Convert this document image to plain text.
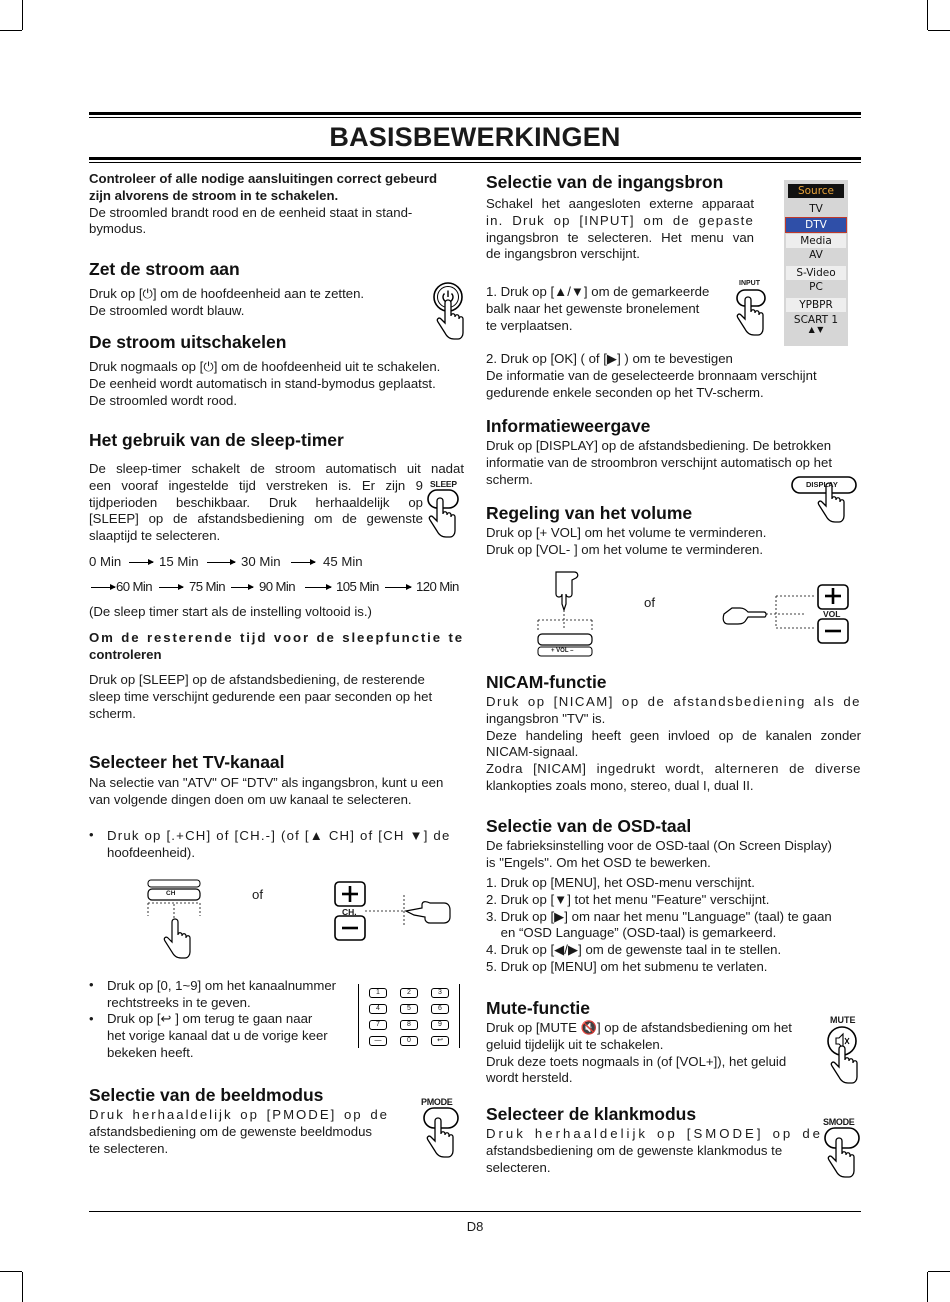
BASISBEWERKINGEN
Controleer of alle nodige aansluitingen correct gebeurd
zijn alvorens de stroom in te schakelen.
De stroomled brandt rood en de eenheid staat in stand-
bymodus.
Zet de stroom aan
Druk op [⏻] om de hoofdeenheid aan te zetten.
De stroomled wordt blauw.
De stroom uitschakelen
Druk nogmaals op [⏻] om de hoofdeenheid uit te schakelen.
De eenheid wordt automatisch in stand-bymodus geplaatst.
De stroomled wordt rood.
Het gebruik van de sleep-timer
De sleep-timer schakelt de stroom automatisch uit nadat
een vooraf ingestelde tijd verstreken is. Er zijn 9
tijdperioden beschikbaar. Druk herhaaldelijk op
[SLEEP] op de afstandsbediening om de gewenste
slaaptijd te selecteren.
SLEEP
0 Min	15 Min	30 Min	45 Min
60 Min	75 Min	90 Min	105 Min	120 Min
(De sleep timer start als de instelling voltooid is.)
Om de resterende tijd voor de sleepfunctie te
controleren
Druk op [SLEEP] op de afstandsbediening, de resterende
sleep time verschijnt gedurende een paar seconden op het
scherm.
Selecteer het TV-kanaal
Na selectie van "ATV" OF “DTV” als ingangsbron, kunt u een
van volgende dingen doen om uw kanaal te selecteren.
• Druk op [.+CH] of [CH.-] (of [▲ CH] of [CH ▼] de
hoofdeenheid).
CH	of
CH.
• Druk op [0, 1~9] om het kanaalnummer
rechtstreeks in te geven.
• Druk op [↩ ] om terug te gaan naar
het vorige kanaal dat u de vorige keer
bekeken heeft.
1	2	3
4	5	6
7	8	9
—	0	↩
Selectie van de beeldmodus
Druk herhaaldelijk op [PMODE] op de
afstandsbediening om de gewenste beeldmodus
te selecteren.
PMODE
Selectie van de ingangsbron
Schakel het aangesloten externe apparaat
in. Druk op [INPUT] om de gepaste
ingangsbron te selecteren. Het menu van
de ingangsbron verschijnt.
1. Druk op [▲/▼] om de gemarkeerde
balk naar het gewenste bronelement
te verplaatsen.
INPUT
Source
TV
DTV
Media
AV
S-Video
PC
YPBPR
SCART 1
▲ ▼
2. Druk op [OK] ( of [▶] ) om te bevestigen
De informatie van de geselecteerde bronnaam verschijnt
gedurende enkele seconden op het TV-scherm.
Informatieweergave
Druk op [DISPLAY] op de afstandsbediening. De betrokken
informatie van de stroombron verschijnt automatisch op het
scherm.	DISPLAY
Regeling van het volume
Druk op [+ VOL] om het volume te verminderen.
Druk op [VOL- ] om het volume te verminderen.
+ VOL –
of
VOL
NICAM-functie
Druk op [NICAM] op de afstandsbediening als de
ingangsbron "TV" is.
Deze handeling heeft geen invloed op de kanalen zonder
NICAM-signaal.
Zodra [NICAM] ingedrukt wordt, alterneren de diverse
klankopties zoals mono, stereo, dual I, dual II.
Selectie van de OSD-taal
De fabrieksinstelling voor de OSD-taal (On Screen Display)
is "Engels". Om het OSD te bewerken.
1. Druk op [MENU], het OSD-menu verschijnt.
2. Druk op [▼] tot het menu "Feature" verschijnt.
3. Druk op [▶] om naar het menu "Language" (taal) te gaan
en “OSD Language” (OSD-taal) is gemarkeerd.
4. Druk op [◀/▶] om de gewenste taal in te stellen.
5. Druk op [MENU] om het submenu te verlaten.
Mute-functie
Druk op [MUTE 🔇] op de afstandsbediening om het
geluid tijdelijk uit te schakelen.
Druk deze toets nogmaals in (of [VOL+]), het geluid
wordt hersteld.
MUTE
Selecteer de klankmodus
Druk herhaaldelijk op [SMODE] op de
afstandsbediening om de gewenste klankmodus te
selecteren.
SMODE
D8
